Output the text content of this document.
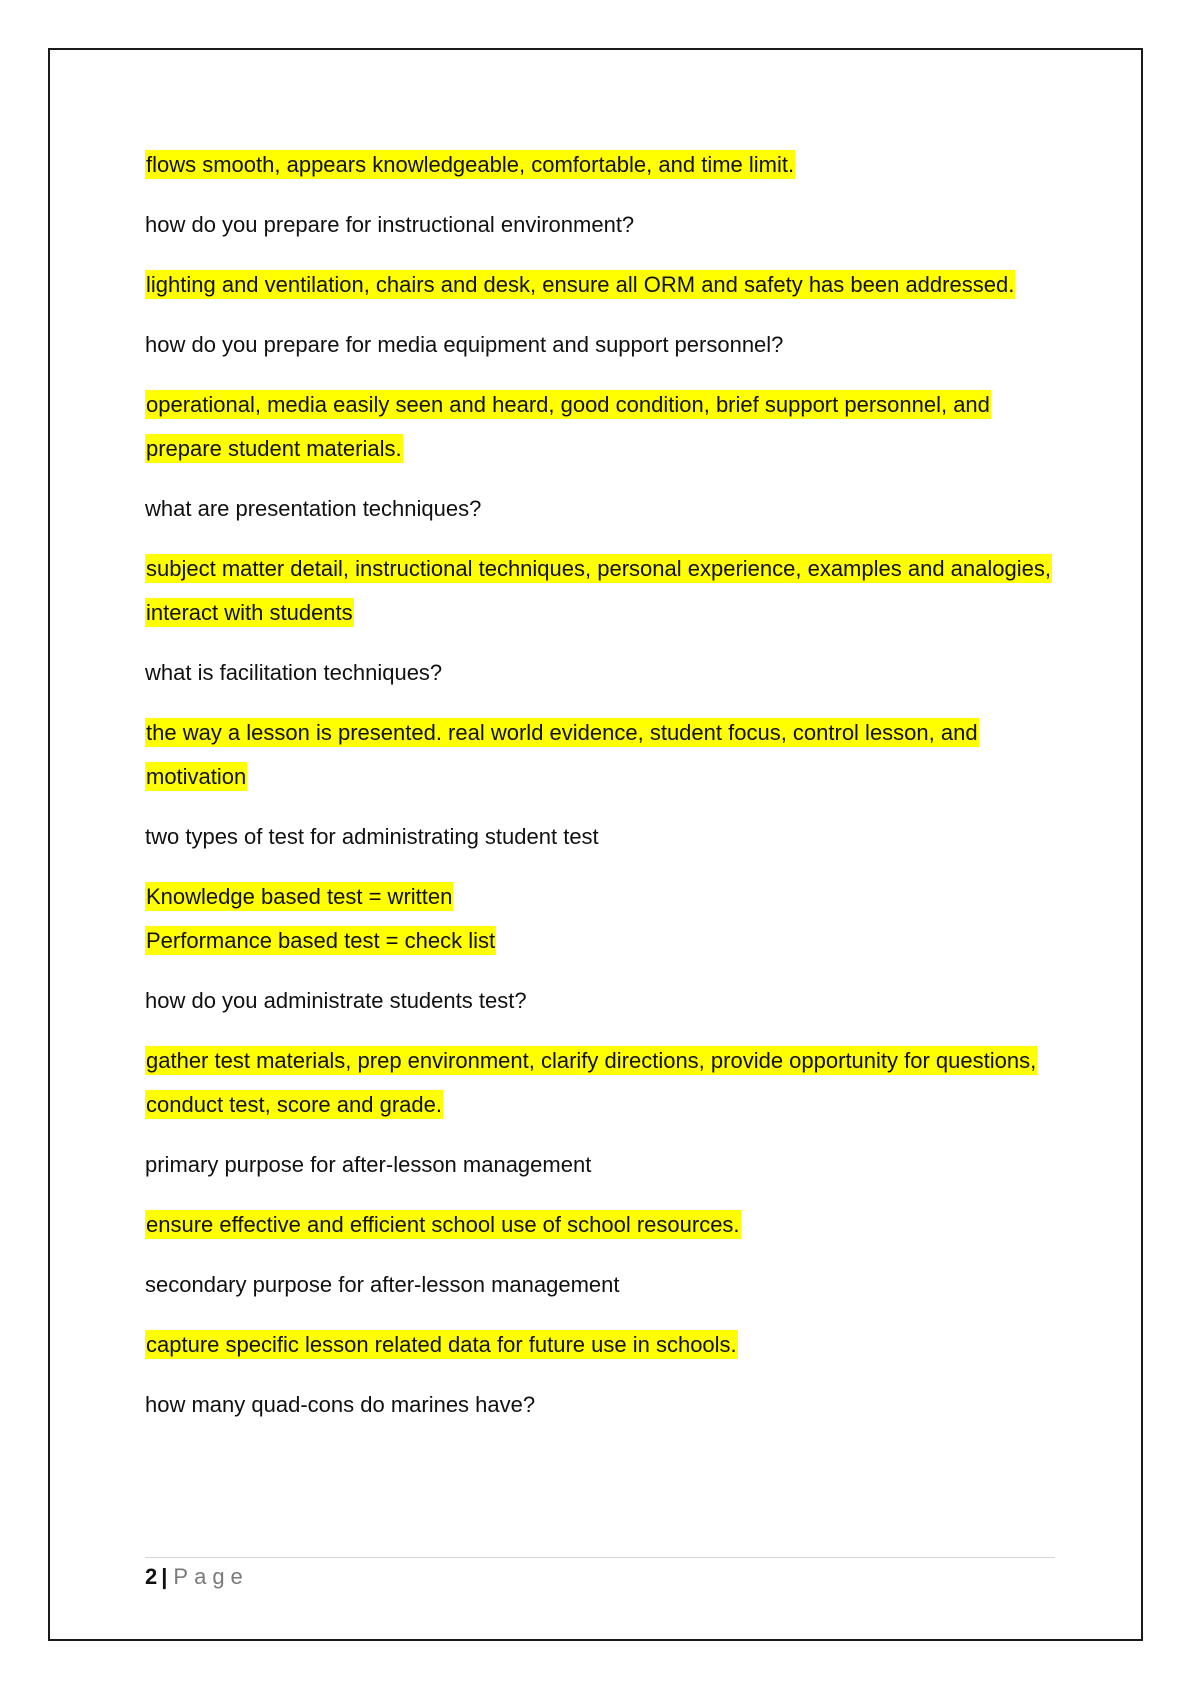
flows smooth, appears knowledgeable, comfortable, and time limit.

how do you prepare for instructional environment?

lighting and ventilation, chairs and desk, ensure all ORM and safety has been addressed.

how do you prepare for media equipment and support personnel?

operational, media easily seen and heard, good condition, brief support personnel, and prepare student materials.

what are presentation techniques?

subject matter detail, instructional techniques, personal experience, examples and analogies, interact with students

what is facilitation techniques?

the way a lesson is presented. real world evidence, student focus, control lesson, and motivation

two types of test for administrating student test

Knowledge based test = written

Performance based test = check list

how do you administrate students test?

gather test materials, prep environment, clarify directions, provide opportunity for questions, conduct test, score and grade.

primary purpose for after-lesson management

ensure effective and efficient school use of school resources.

secondary purpose for after-lesson management

capture specific lesson related data for future use in schools.

how many quad-cons do marines have?

2 | Page
